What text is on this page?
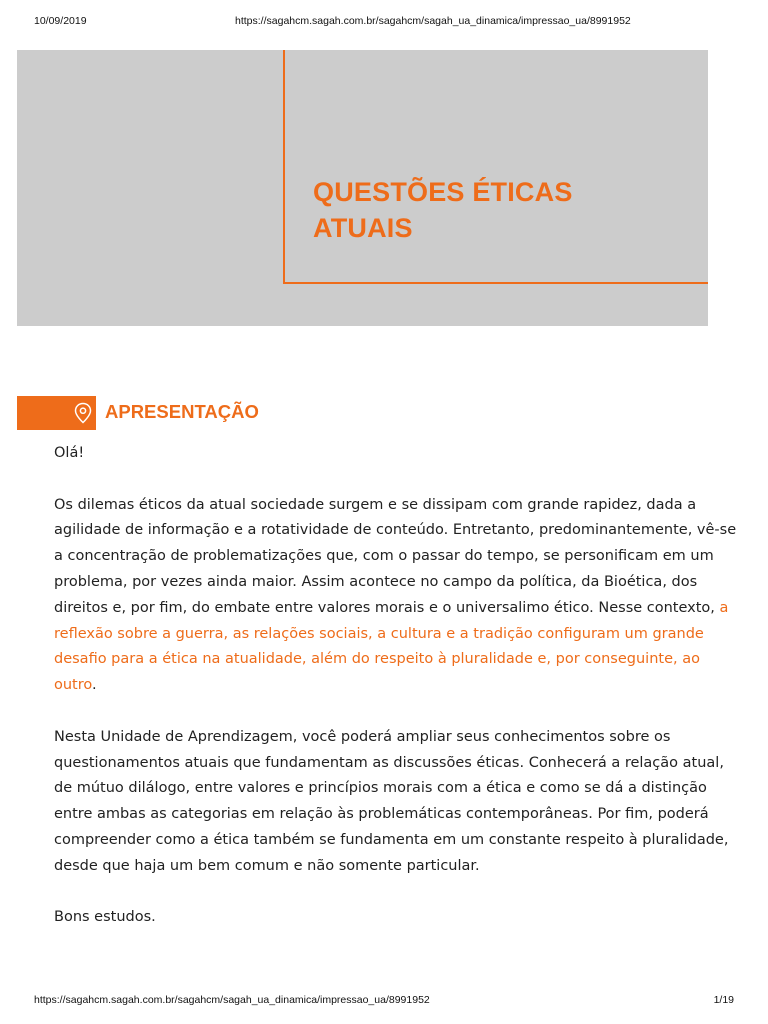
10/09/2019	https://sagahcm.sagah.com.br/sagahcm/sagah_ua_dinamica/impressao_ua/8991952
QUESTÕES ÉTICAS
ATUAIS
APRESENTAÇÃO

Olá!

Os dilemas éticos da atual sociedade surgem e se dissipam com grande rapidez, dada a agilidade de informação e a rotatividade de conteúdo. Entretanto, predominantemente, vê-se a concentração de problematizações que, com o passar do tempo, se personificam em um problema, por vezes ainda maior. Assim acontece no campo da política, da Bioética, dos direitos e, por fim, do embate entre valores morais e o universalimo ético. Nesse contexto, a reflexão sobre a guerra, as relações sociais, a cultura e a tradição configuram um grande desafio para a ética na atualidade, além do respeito à pluralidade e, por conseguinte, ao outro.

Nesta Unidade de Aprendizagem, você poderá ampliar seus conhecimentos sobre os questionamentos atuais que fundamentam as discussões éticas. Conhecerá a relação atual, de mútuo dilálogo, entre valores e princípios morais com a ética e como se dá a distinção entre ambas as categorias em relação às problemáticas contemporâneas. Por fim, poderá compreender como a ética também se fundamenta em um constante respeito à pluralidade, desde que haja um bem comum e não somente particular.

Bons estudos.

https://sagahcm.sagah.com.br/sagahcm/sagah_ua_dinamica/impressao_ua/8991952	1/19
